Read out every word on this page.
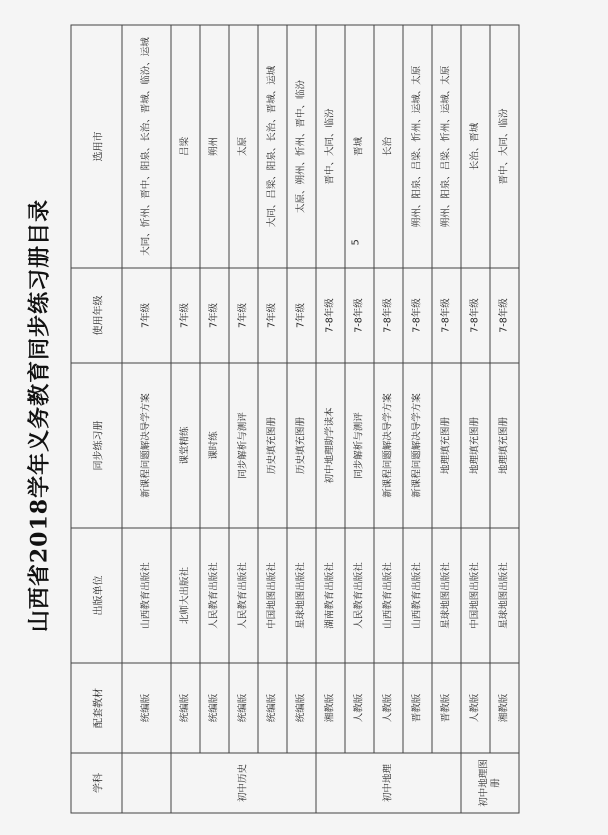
山西省2018学年义务教育同步练习册目录
学科	配套教材	出版单位	同步练习册	使用年级	选用市
	统编版	山西教育出版社	新课程问题解决导学方案	7年级	大同、忻州、晋中、阳泉、长治、晋城、临汾、运城
初中历史	统编版	北师大出版社	课堂精练	7年级	吕梁
	统编版	人民教育出版社	课时练	7年级	朔州
	统编版	人民教育出版社	同步解析与测评	7年级	太原
	统编版	中国地图出版社	历史填充图册	7年级	大同、吕梁、阳泉、长治、晋城、运城
	统编版	星球地图出版社	历史填充图册	7年级	太原、朔州、忻州、晋中、临汾
初中地理	湘教版	湖南教育出版社	初中地理助学读本	7-8年级	晋中、大同、临汾
	人教版	人民教育出版社	同步解析与测评	7-8年级	晋城
	人教版	山西教育出版社	新课程问题解决导学方案	7-8年级	长治
	晋教版	山西教育出版社	新课程问题解决导学方案	7-8年级	朔州、阳泉、吕梁、忻州、运城、太原
	晋教版	星球地图出版社	地理填充图册	7-8年级	朔州、阳泉、吕梁、忻州、运城、太原
初中地理图册	人教版	中国地图出版社	地理填充图册	7-8年级	长治、晋城
	湘教版	星球地图出版社	地理填充图册	7-8年级	晋中、大同、临汾
5
